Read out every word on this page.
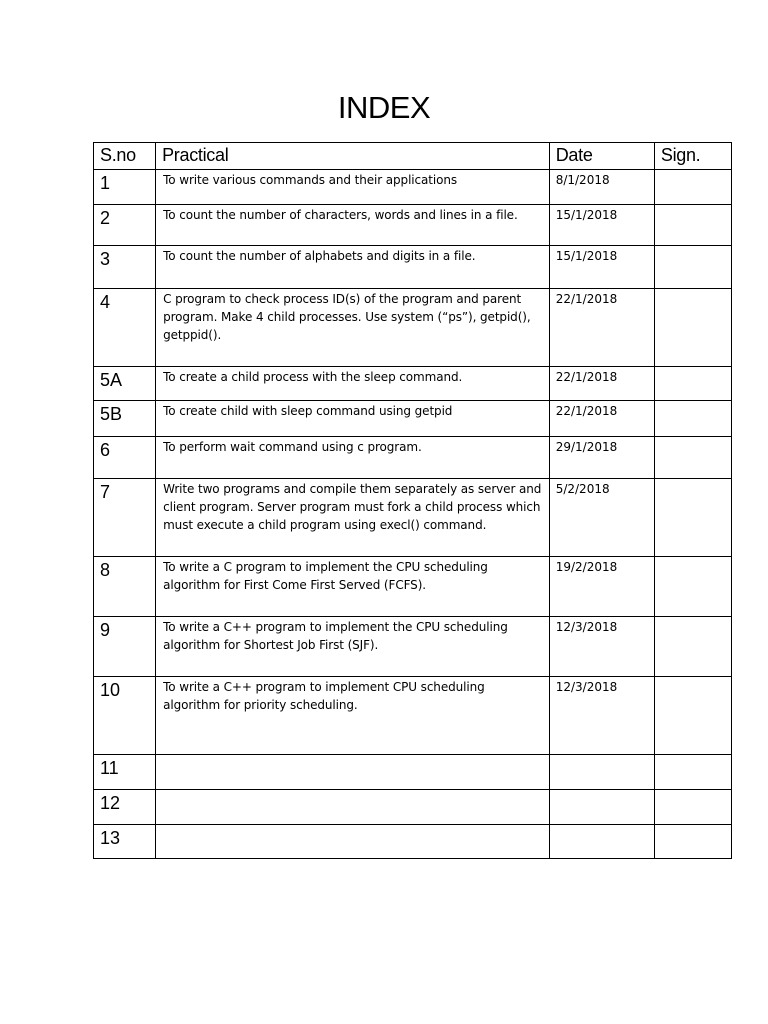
INDEX
S.no	Practical	Date	Sign.
1	To write various commands and their applications	8/1/2018	
2	To count the number of characters, words and lines in a file.	15/1/2018	
3	To count the number of alphabets and digits in a file.	15/1/2018	
4	C program to check process ID(s) of the program and parent program. Make 4 child processes. Use system (“ps”), getpid(), getppid().	22/1/2018	
5A	To create a child process with the sleep command.	22/1/2018	
5B	To create child with sleep command using getpid	22/1/2018	
6	To perform wait command using c program.	29/1/2018	
7	Write two programs and compile them separately as server and client program. Server program must fork a child process which must execute a child program using execl() command.	5/2/2018	
8	To write a C program to implement the CPU scheduling algorithm for First Come First Served (FCFS).	19/2/2018	
9	To write a C++ program to implement the CPU scheduling algorithm for Shortest Job First (SJF).	12/3/2018	
10	To write a C++ program to implement CPU scheduling algorithm for priority scheduling.	12/3/2018	
11			
12			
13			
